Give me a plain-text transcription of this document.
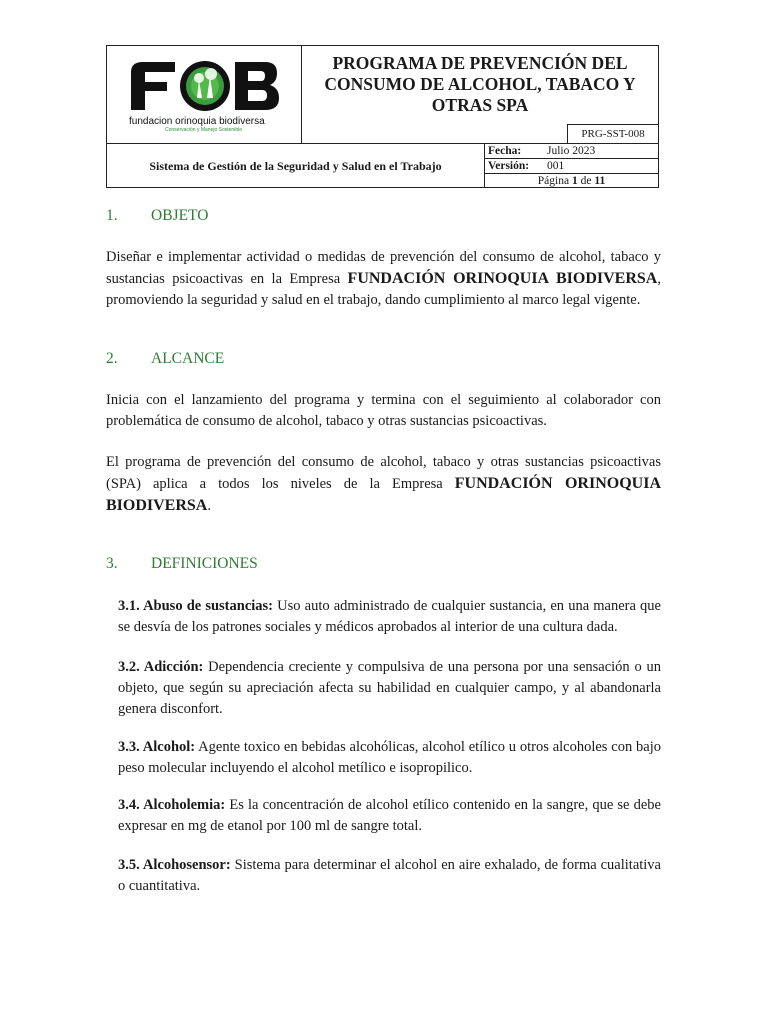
fundacion orinoquia biodiversa
Conservación y Manejo Sostenible
PROGRAMA DE PREVENCIÓN DEL
CONSUMO DE ALCOHOL, TABACO Y
OTRAS SPA
PRG-SST-008
Sistema de Gestión de la Seguridad y Salud en el Trabajo
Fecha: Julio 2023
Versión: 001
Página 1 de 11
1. OBJETO
Diseñar e implementar actividad o medidas de prevención del consumo de alcohol, tabaco y sustancias psicoactivas en la Empresa FUNDACIÓN ORINOQUIA BIODIVERSA, promoviendo la seguridad y salud en el trabajo, dando cumplimiento al marco legal vigente.
2. ALCANCE
Inicia con el lanzamiento del programa y termina con el seguimiento al colaborador con problemática de consumo de alcohol, tabaco y otras sustancias psicoactivas.
El programa de prevención del consumo de alcohol, tabaco y otras sustancias psicoactivas (SPA) aplica a todos los niveles de la Empresa FUNDACIÓN ORINOQUIA BIODIVERSA.
3. DEFINICIONES
3.1. Abuso de sustancias: Uso auto administrado de cualquier sustancia, en una manera que se desvía de los patrones sociales y médicos aprobados al interior de una cultura dada.
3.2. Adicción: Dependencia creciente y compulsiva de una persona por una sensación o un objeto, que según su apreciación afecta su habilidad en cualquier campo, y al abandonarla genera disconfort.
3.3. Alcohol: Agente toxico en bebidas alcohólicas, alcohol etílico u otros alcoholes con bajo peso molecular incluyendo el alcohol metílico e isopropilico.
3.4. Alcoholemia: Es la concentración de alcohol etílico contenido en la sangre, que se debe expresar en mg de etanol por 100 ml de sangre total.
3.5. Alcohosensor: Sistema para determinar el alcohol en aire exhalado, de forma cualitativa o cuantitativa.
